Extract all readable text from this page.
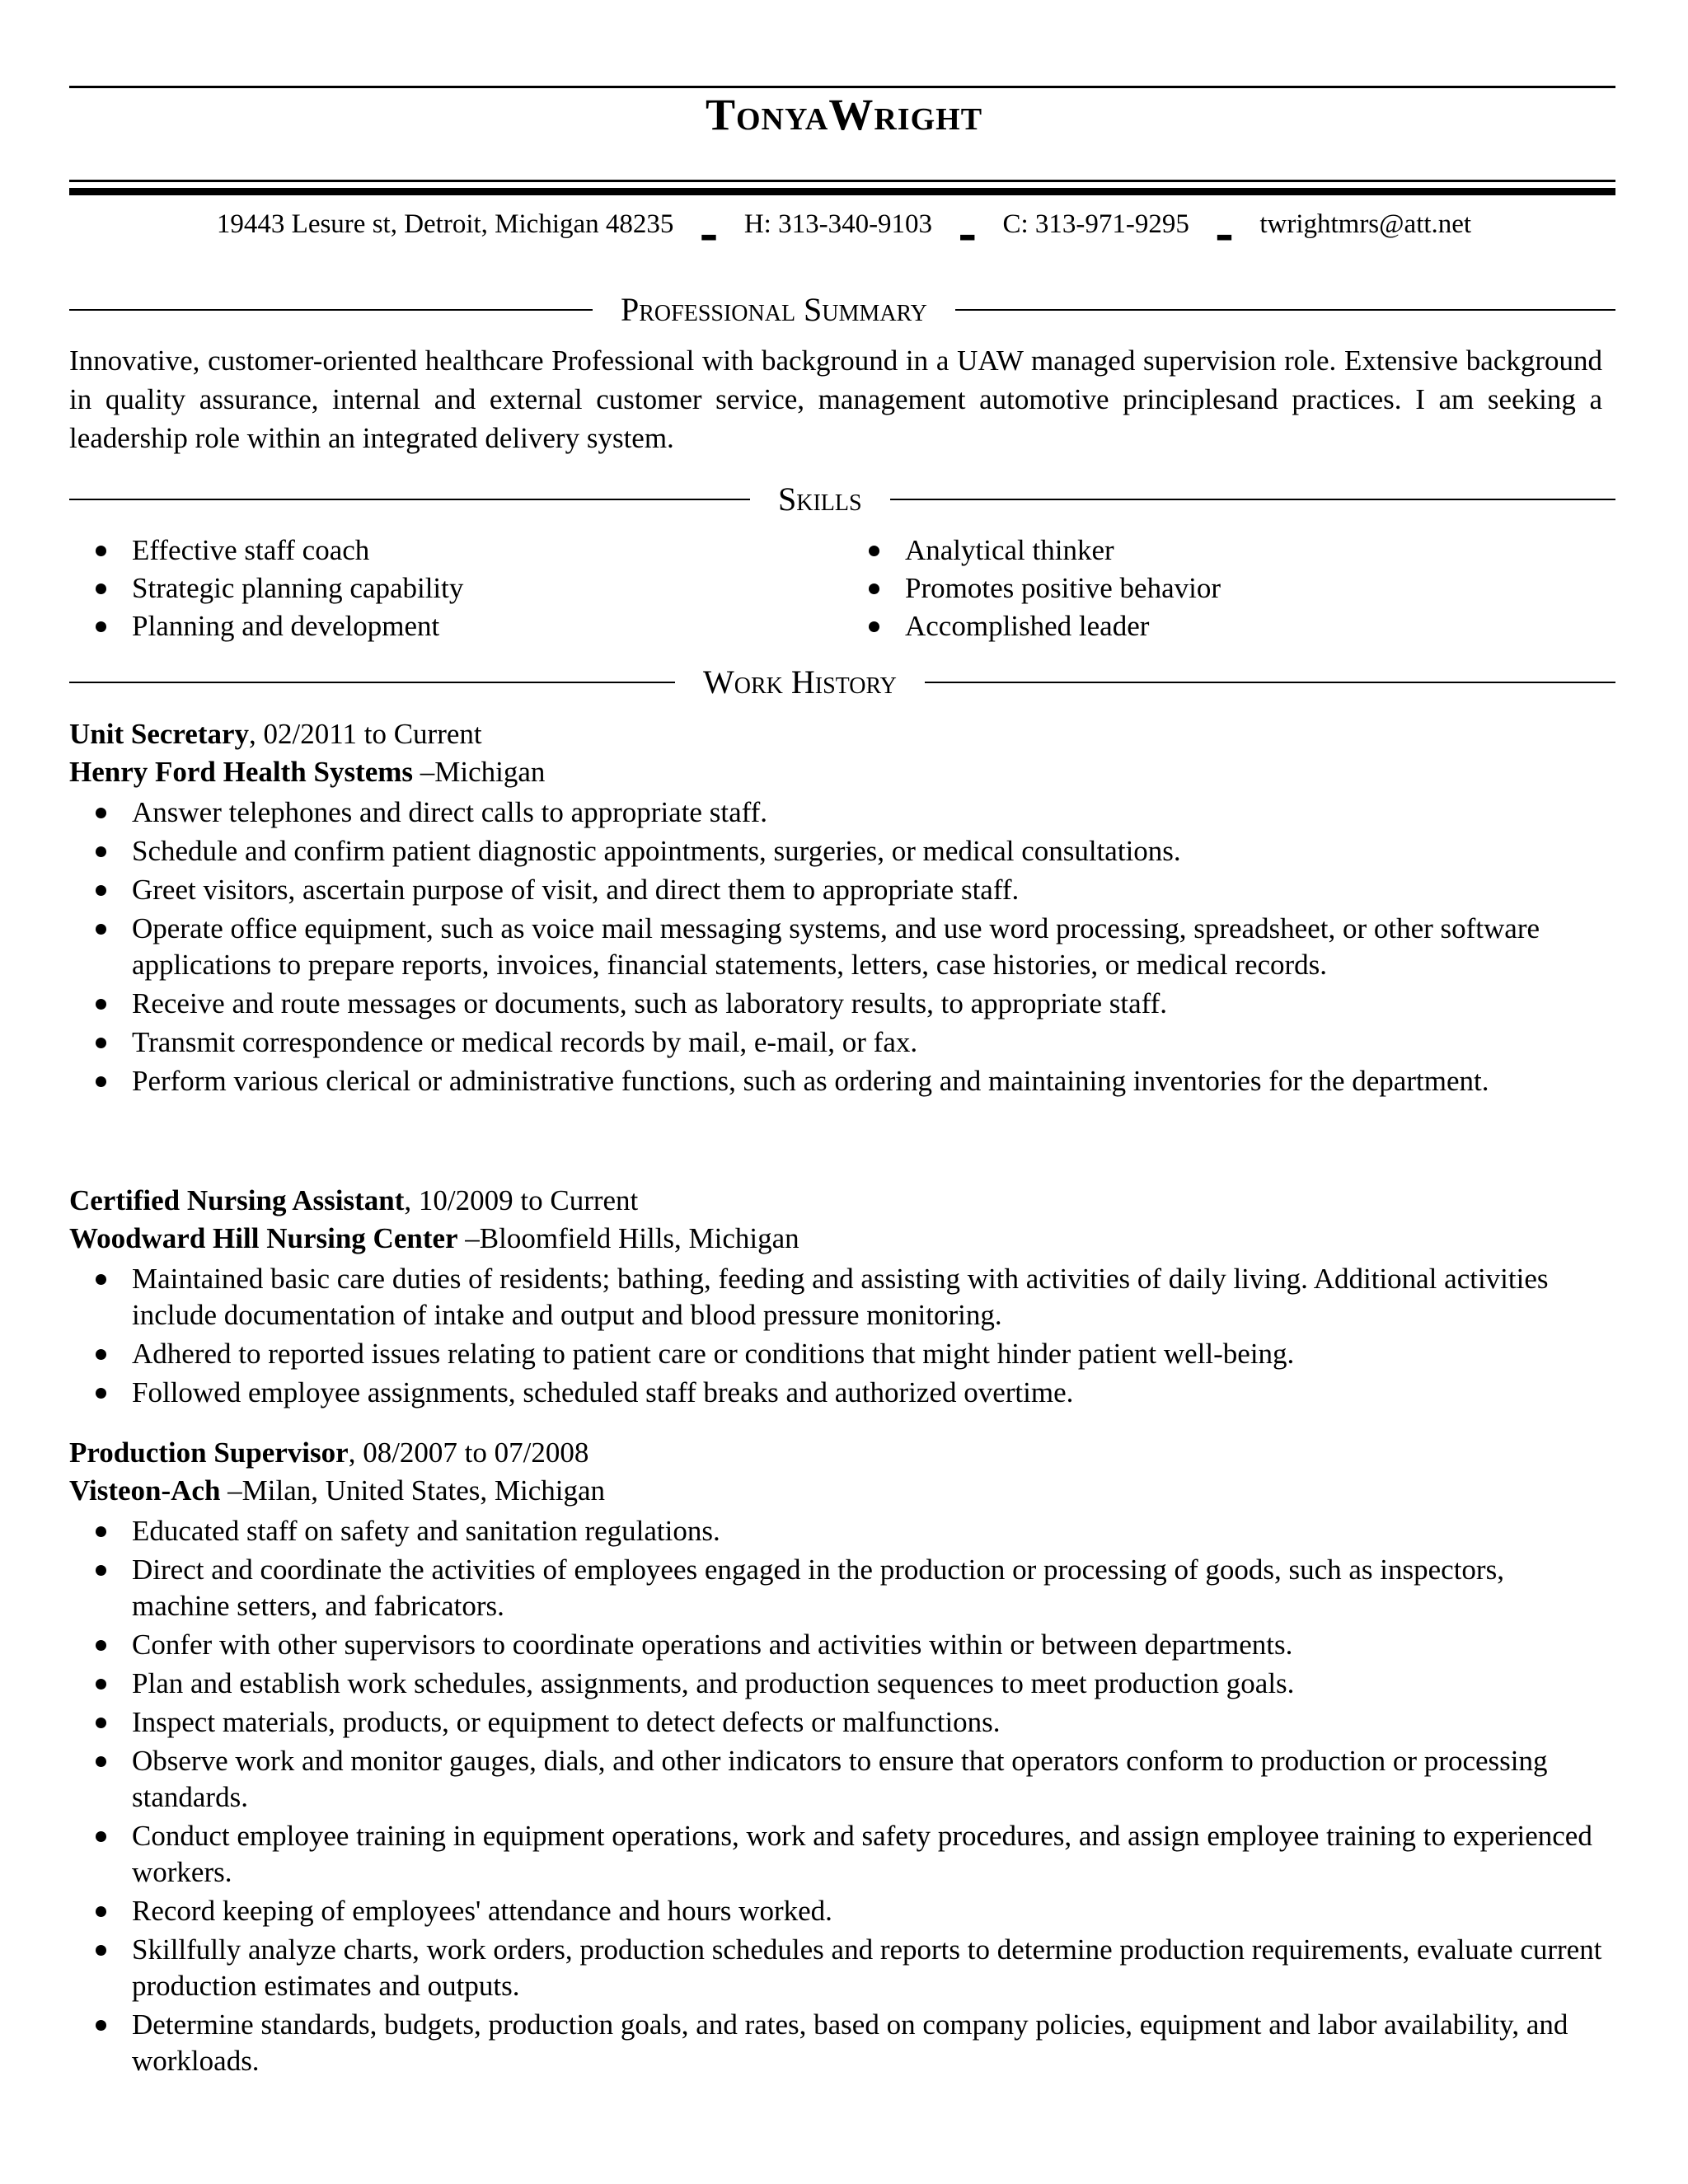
TonyaWright
19443 Lesure st, Detroit, Michigan 48235 ▂ H: 313-340-9103 ▂ C: 313-971-9295 ▂ twrightmrs@att.net
Professional Summary
Innovative, customer-oriented healthcare Professional with background in a UAW managed supervision role. Extensive background in quality assurance, internal and external customer service, management automotive principlesand practices. I am seeking a leadership role within an integrated delivery system.
Skills
Effective staff coach
Strategic planning capability
Planning and development
Analytical thinker
Promotes positive behavior
Accomplished leader
Work History
Unit Secretary, 02/2011 to Current
Henry Ford Health Systems –Michigan
Answer telephones and direct calls to appropriate staff.
Schedule and confirm patient diagnostic appointments, surgeries, or medical consultations.
Greet visitors, ascertain purpose of visit, and direct them to appropriate staff.
Operate office equipment, such as voice mail messaging systems, and use word processing, spreadsheet, or other software applications to prepare reports, invoices, financial statements, letters, case histories, or medical records.
Receive and route messages or documents, such as laboratory results, to appropriate staff.
Transmit correspondence or medical records by mail, e-mail, or fax.
Perform various clerical or administrative functions, such as ordering and maintaining inventories for the department.
Certified Nursing Assistant, 10/2009 to Current
Woodward Hill Nursing Center –Bloomfield Hills, Michigan
Maintained basic care duties of residents; bathing, feeding and assisting with activities of daily living. Additional activities include documentation of intake and output and blood pressure monitoring.
Adhered to reported issues relating to patient care or conditions that might hinder patient well-being.
Followed employee assignments, scheduled staff breaks and authorized overtime.
Production Supervisor, 08/2007 to 07/2008
Visteon-Ach –Milan, United States, Michigan
Educated staff on safety and sanitation regulations.
Direct and coordinate the activities of employees engaged in the production or processing of goods, such as inspectors, machine setters, and fabricators.
Confer with other supervisors to coordinate operations and activities within or between departments.
Plan and establish work schedules, assignments, and production sequences to meet production goals.
Inspect materials, products, or equipment to detect defects or malfunctions.
Observe work and monitor gauges, dials, and other indicators to ensure that operators conform to production or processing standards.
Conduct employee training in equipment operations, work and safety procedures, and assign employee training to experienced workers.
Record keeping of employees' attendance and hours worked.
Skillfully analyze charts, work orders, production schedules and reports to determine production requirements, evaluate current production estimates and outputs.
Determine standards, budgets, production goals, and rates, based on company policies, equipment and labor availability, and workloads.
